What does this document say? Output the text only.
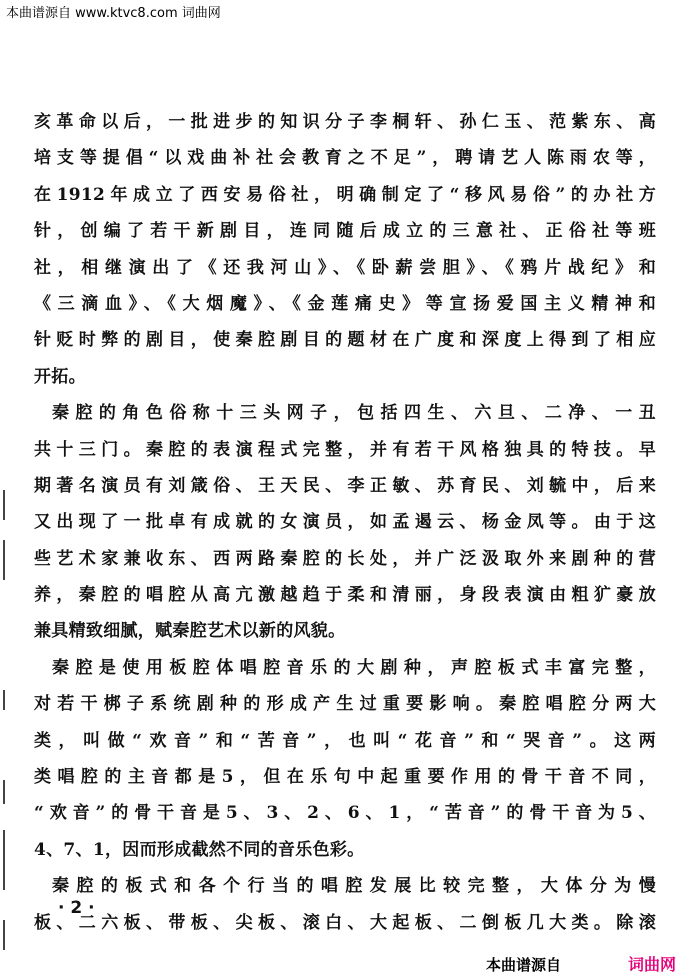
本曲谱源自 www.ktvc8.com 词曲网
亥革命以后，一批进步的知识分子李桐轩、孙仁玉、范紫东、高
培支等提倡“以戏曲补社会教育之不足”，聘请艺人陈雨农等，
在1912年成立了西安易俗社，明确制定了“移风易俗”的办社方
针，创编了若干新剧目，连同随后成立的三意社、正俗社等班
社，相继演出了《还我河山》、《卧薪尝胆》、《鸦片战纪》和
《三滴血》、《大烟魔》、《金莲痛史》等宣扬爱国主义精神和
针贬时弊的剧目，使秦腔剧目的题材在广度和深度上得到了相应
开拓。
秦腔的角色俗称十三头网子，包括四生、六旦、二净、一丑
共十三门。秦腔的表演程式完整，并有若干风格独具的特技。早
期著名演员有刘箴俗、王天民、李正敏、苏育民、刘毓中，后来
又出现了一批卓有成就的女演员，如孟遏云、杨金凤等。由于这
些艺术家兼收东、西两路秦腔的长处，并广泛汲取外来剧种的营
养，秦腔的唱腔从高亢激越趋于柔和清丽，身段表演由粗犷豪放
兼具精致细腻，赋秦腔艺术以新的风貌。
秦腔是使用板腔体唱腔音乐的大剧种，声腔板式丰富完整，
对若干梆子系统剧种的形成产生过重要影响。秦腔唱腔分两大
类，叫做“欢音”和“苦音”，也叫“花音”和“哭音”。这两
类唱腔的主音都是5，但在乐句中起重要作用的骨干音不同，
“欢音”的骨干音是5、3、2、6、1，“苦音”的骨干音为5、
4、7、1，因而形成截然不同的音乐色彩。
秦腔的板式和各个行当的唱腔发展比较完整，大体分为慢
板、二六板、带板、尖板、滚白、大起板、二倒板几大类。除滚
· 2 ·
本曲谱源自	词曲网
